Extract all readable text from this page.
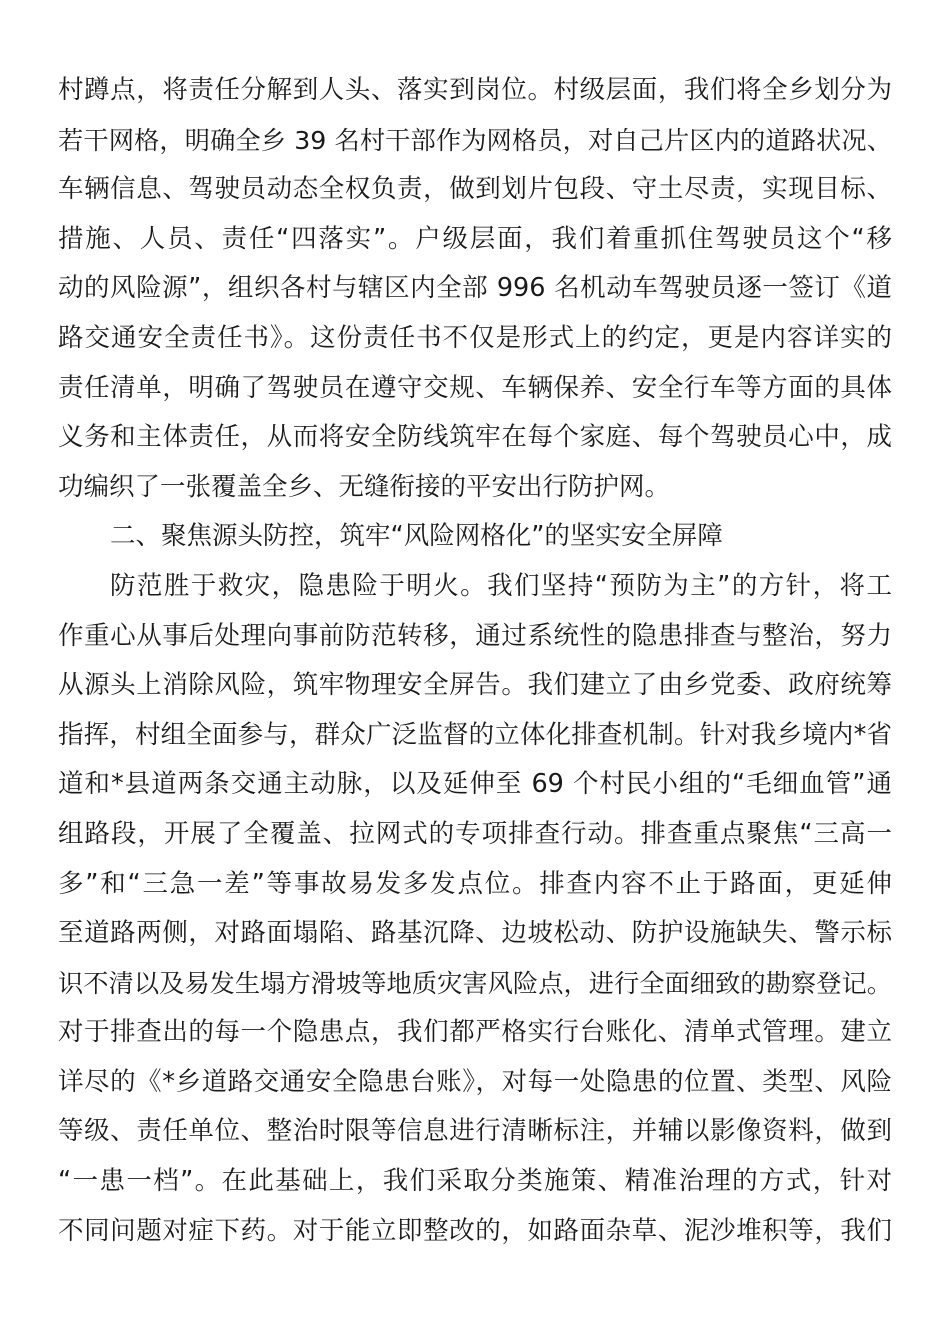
村蹲点，将责任分解到人头、落实到岗位。村级层面，我们将全乡划分为
若干网格，明确全乡 39 名村干部作为网格员，对自己片区内的道路状况、
车辆信息、驾驶员动态全权负责，做到划片包段、守土尽责，实现目标、
措施、人员、责任“四落实”。户级层面，我们着重抓住驾驶员这个“移
动的风险源”，组织各村与辖区内全部 996 名机动车驾驶员逐一签订《道
路交通安全责任书》。这份责任书不仅是形式上的约定，更是内容详实的
责任清单，明确了驾驶员在遵守交规、车辆保养、安全行车等方面的具体
义务和主体责任，从而将安全防线筑牢在每个家庭、每个驾驶员心中，成
功编织了一张覆盖全乡、无缝衔接的平安出行防护网。
二、聚焦源头防控，筑牢“风险网格化”的坚实安全屏障
防范胜于救灾，隐患险于明火。我们坚持“预防为主”的方针，将工
作重心从事后处理向事前防范转移，通过系统性的隐患排查与整治，努力
从源头上消除风险，筑牢物理安全屏告。我们建立了由乡党委、政府统筹
指挥，村组全面参与，群众广泛监督的立体化排查机制。针对我乡境内*省
道和*县道两条交通主动脉，以及延伸至 69 个村民小组的“毛细血管”通
组路段，开展了全覆盖、拉网式的专项排查行动。排查重点聚焦“三高一
多”和“三急一差”等事故易发多发点位。排查内容不止于路面，更延伸
至道路两侧，对路面塌陷、路基沉降、边坡松动、防护设施缺失、警示标
识不清以及易发生塌方滑坡等地质灾害风险点，进行全面细致的勘察登记。
对于排查出的每一个隐患点，我们都严格实行台账化、清单式管理。建立
详尽的《*乡道路交通安全隐患台账》，对每一处隐患的位置、类型、风险
等级、责任单位、整治时限等信息进行清晰标注，并辅以影像资料，做到
“一患一档”。在此基础上，我们采取分类施策、精准治理的方式，针对
不同问题对症下药。对于能立即整改的，如路面杂草、泥沙堆积等，我们
